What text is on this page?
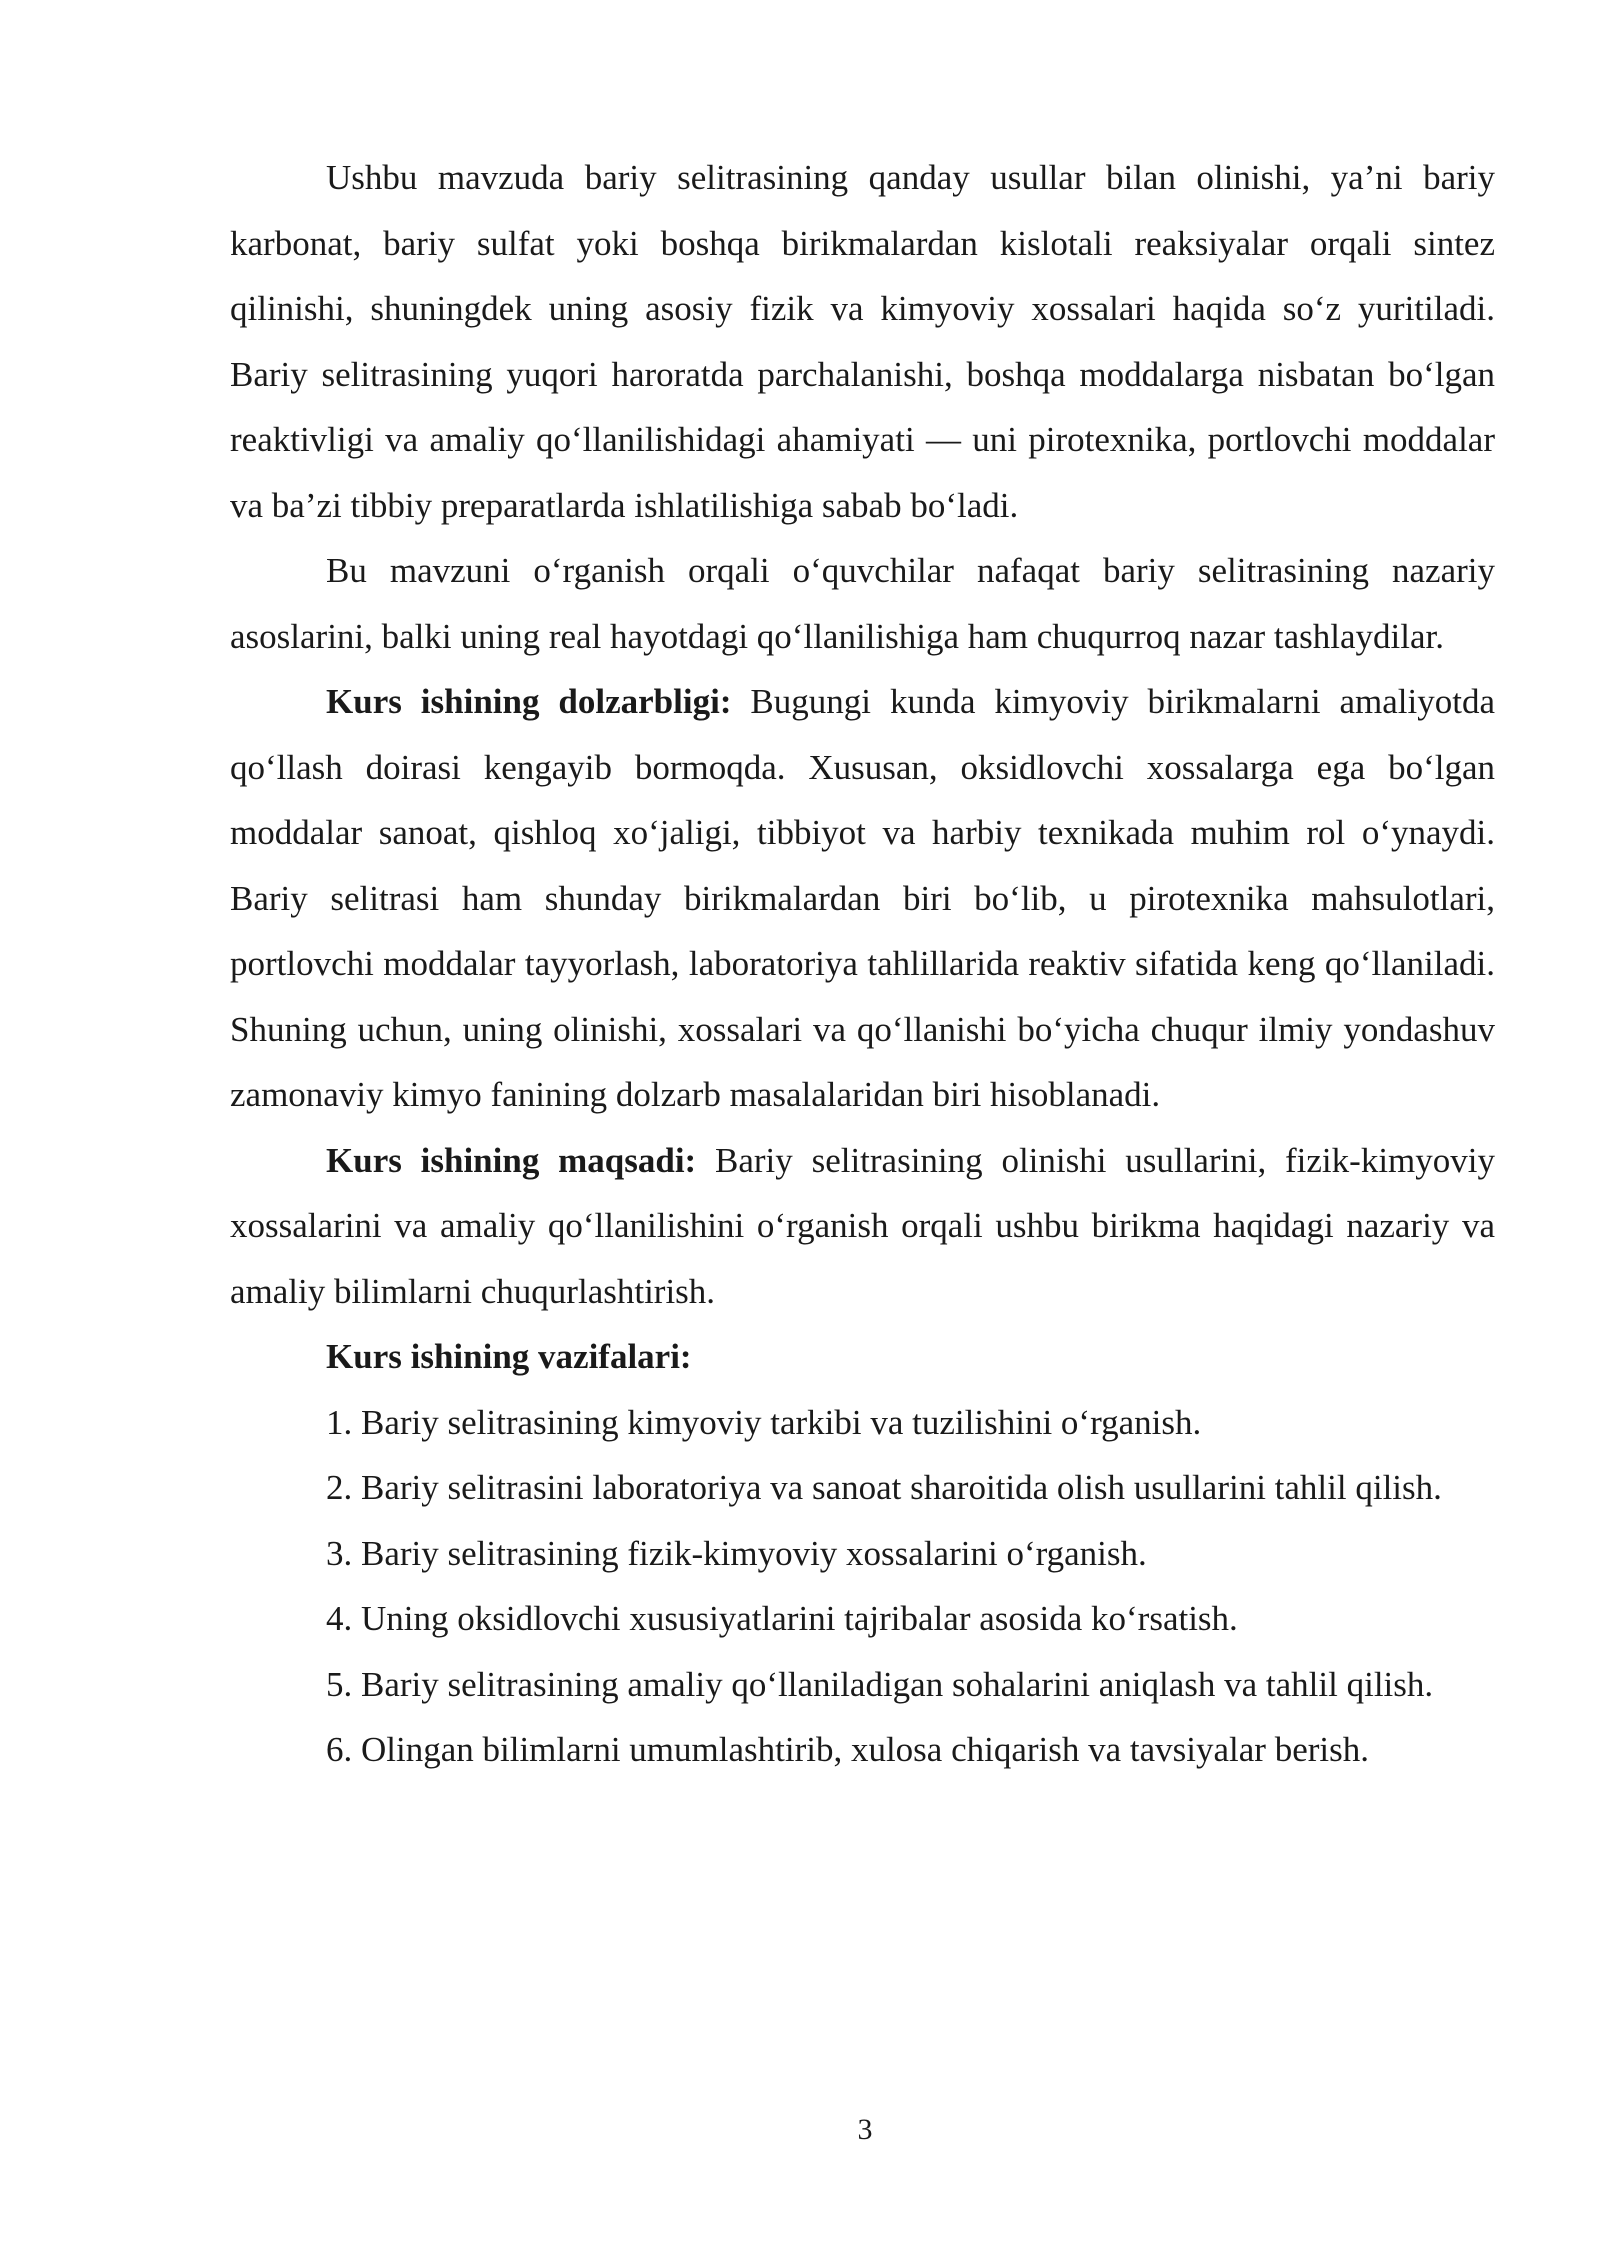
Ushbu mavzuda bariy selitrasining qanday usullar bilan olinishi, ya’ni bariy karbonat, bariy sulfat yoki boshqa birikmalardan kislotali reaksiyalar orqali sintez qilinishi, shuningdek uning asosiy fizik va kimyoviy xossalari haqida so‘z yuritiladi. Bariy selitrasining yuqori haroratda parchalanishi, boshqa moddalarga nisbatan bo‘lgan reaktivligi va amaliy qo‘llanilishidagi ahamiyati — uni pirotexnika, portlovchi moddalar va ba’zi tibbiy preparatlarda ishlatilishiga sabab bo‘ladi.

Bu mavzuni o‘rganish orqali o‘quvchilar nafaqat bariy selitrasining nazariy asoslarini, balki uning real hayotdagi qo‘llanilishiga ham chuqurroq nazar tashlaydilar.

Kurs ishining dolzarbligi: Bugungi kunda kimyoviy birikmalarni amaliyotda qo‘llash doirasi kengayib bormoqda. Xususan, oksidlovchi xossalarga ega bo‘lgan moddalar sanoat, qishloq xo‘jaligi, tibbiyot va harbiy texnikada muhim rol o‘ynaydi. Bariy selitrasi ham shunday birikmalardan biri bo‘lib, u pirotexnika mahsulotlari, portlovchi moddalar tayyorlash, laboratoriya tahlillarida reaktiv sifatida keng qo‘llaniladi. Shuning uchun, uning olinishi, xossalari va qo‘llanishi bo‘yicha chuqur ilmiy yondashuv zamonaviy kimyo fanining dolzarb masalalaridan biri hisoblanadi.

Kurs ishining maqsadi: Bariy selitrasining olinishi usullarini, fizik-kimyoviy xossalarini va amaliy qo‘llanilishini o‘rganish orqali ushbu birikma haqidagi nazariy va amaliy bilimlarni chuqurlashtirish.

Kurs ishining vazifalari:

1. Bariy selitrasining kimyoviy tarkibi va tuzilishini o‘rganish.

2. Bariy selitrasini laboratoriya va sanoat sharoitida olish usullarini tahlil qilish.

3. Bariy selitrasining fizik-kimyoviy xossalarini o‘rganish.

4. Uning oksidlovchi xususiyatlarini tajribalar asosida ko‘rsatish.

5. Bariy selitrasining amaliy qo‘llaniladigan sohalarini aniqlash va tahlil qilish.

6. Olingan bilimlarni umumlashtirib, xulosa chiqarish va tavsiyalar berish.

3
